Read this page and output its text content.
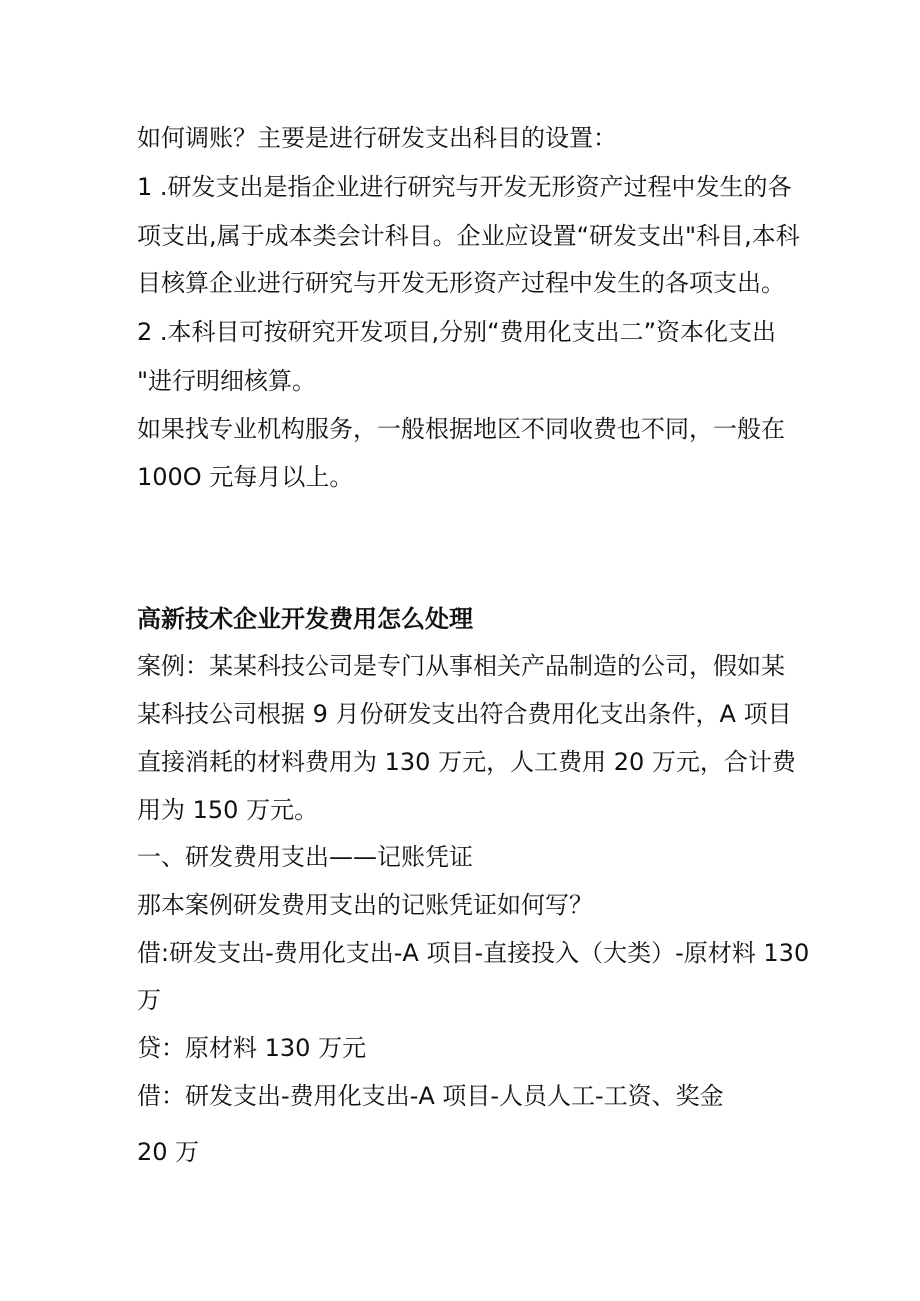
如何调账？主要是进行研发支出科目的设置：

1 .研发支出是指企业进行研究与开发无形资产过程中发生的各

项支出,属于成本类会计科目。企业应设置“研发支出"科目,本科

目核算企业进行研究与开发无形资产过程中发生的各项支出。

2 .本科目可按研究开发项目,分别“费用化支出二”资本化支出

"进行明细核算。

如果找专业机构服务，一般根据地区不同收费也不同，一般在

100O 元每月以上。

高新技术企业开发费用怎么处理

案例：某某科技公司是专门从事相关产品制造的公司，假如某

某科技公司根据 9 月份研发支出符合费用化支出条件，A 项目

直接消耗的材料费用为 130 万元，人工费用 20 万元，合计费

用为 150 万元。

一、研发费用支出——记账凭证

那本案例研发费用支出的记账凭证如何写？

借:研发支出-费用化支出-A 项目-直接投入（大类）-原材料 130

万

贷：原材料 130 万元

借：研发支出-费用化支出-A 项目-人员人工-工资、奖金

20 万
